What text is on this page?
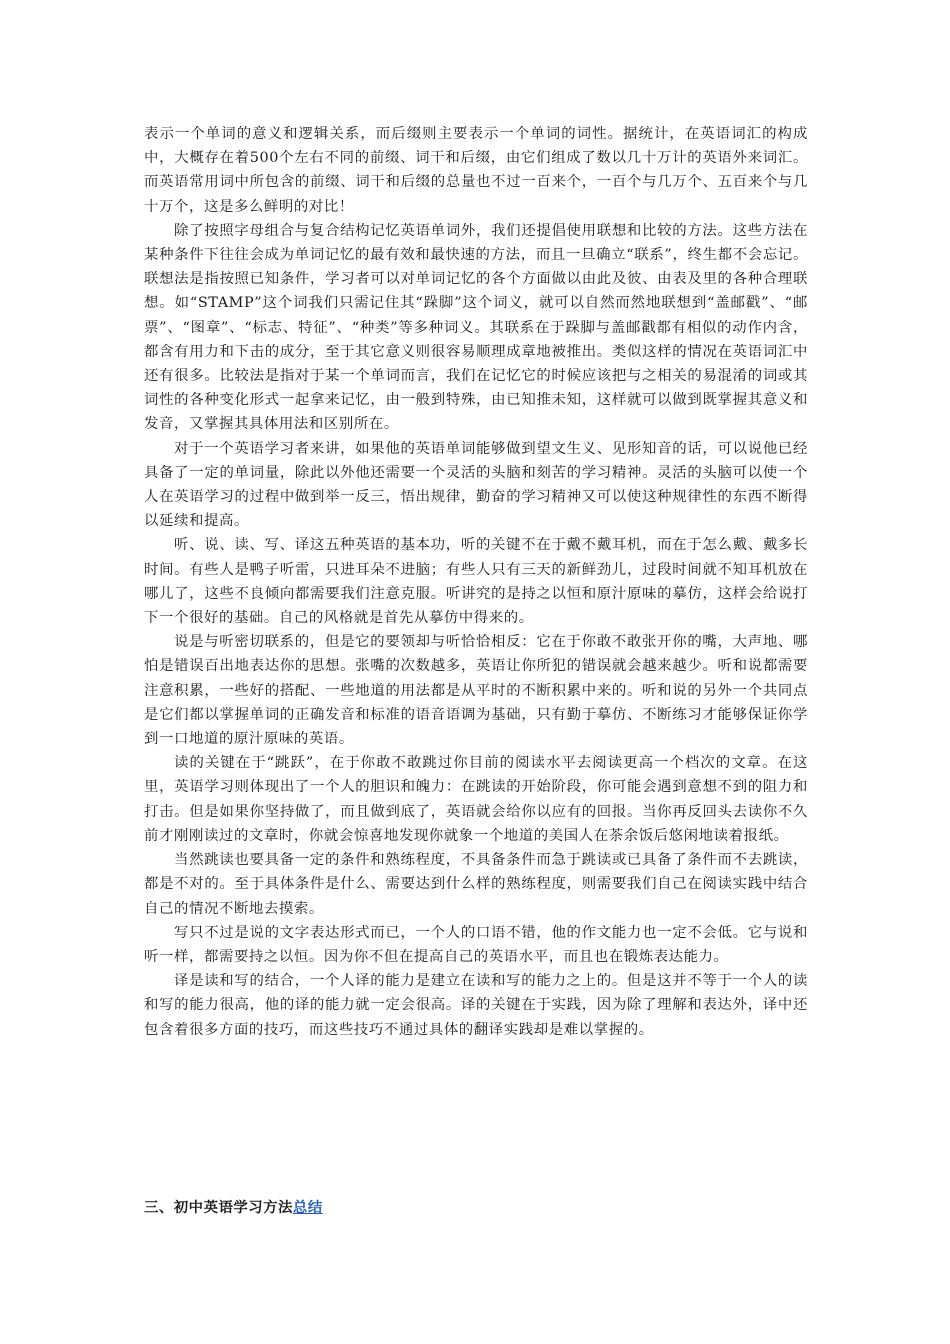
表示一个单词的意义和逻辑关系，而后缀则主要表示一个单词的词性。据统计，在英语词汇的构成中，大概存在着500个左右不同的前缀、词干和后缀，由它们组成了数以几十万计的英语外来词汇。而英语常用词中所包含的前缀、词干和后缀的总量也不过一百来个，一百个与几万个、五百来个与几十万个，这是多么鲜明的对比！

除了按照字母组合与复合结构记忆英语单词外，我们还提倡使用联想和比较的方法。这些方法在某种条件下往往会成为单词记忆的最有效和最快速的方法，而且一旦确立“联系”，终生都不会忘记。联想法是指按照已知条件，学习者可以对单词记忆的各个方面做以由此及彼、由表及里的各种合理联想。如“STAMP”这个词我们只需记住其“跺脚”这个词义，就可以自然而然地联想到“盖邮戳”、“邮票”、“图章”、“标志、特征”、“种类”等多种词义。其联系在于跺脚与盖邮戳都有相似的动作内含，都含有用力和下击的成分，至于其它意义则很容易顺理成章地被推出。类似这样的情况在英语词汇中还有很多。比较法是指对于某一个单词而言，我们在记忆它的时候应该把与之相关的易混淆的词或其词性的各种变化形式一起拿来记忆，由一般到特殊，由已知推未知，这样就可以做到既掌握其意义和发音，又掌握其具体用法和区别所在。

对于一个英语学习者来讲，如果他的英语单词能够做到望文生义、见形知音的话，可以说他已经具备了一定的单词量，除此以外他还需要一个灵活的头脑和刻苦的学习精神。灵活的头脑可以使一个人在英语学习的过程中做到举一反三，悟出规律，勤奋的学习精神又可以使这种规律性的东西不断得以延续和提高。

听、说、读、写、译这五种英语的基本功，听的关键不在于戴不戴耳机，而在于怎么戴、戴多长时间。有些人是鸭子听雷，只进耳朵不进脑；有些人只有三天的新鲜劲儿，过段时间就不知耳机放在哪儿了，这些不良倾向都需要我们注意克服。听讲究的是持之以恒和原汁原味的摹仿，这样会给说打下一个很好的基础。自己的风格就是首先从摹仿中得来的。

说是与听密切联系的，但是它的要领却与听恰恰相反：它在于你敢不敢张开你的嘴，大声地、哪怕是错误百出地表达你的思想。张嘴的次数越多，英语让你所犯的错误就会越来越少。听和说都需要注意积累，一些好的搭配、一些地道的用法都是从平时的不断积累中来的。听和说的另外一个共同点是它们都以掌握单词的正确发音和标准的语音语调为基础，只有勤于摹仿、不断练习才能够保证你学到一口地道的原汁原味的英语。

读的关键在于“跳跃”，在于你敢不敢跳过你目前的阅读水平去阅读更高一个档次的文章。在这里，英语学习则体现出了一个人的胆识和魄力：在跳读的开始阶段，你可能会遇到意想不到的阻力和打击。但是如果你坚持做了，而且做到底了，英语就会给你以应有的回报。当你再反回头去读你不久前才刚刚读过的文章时，你就会惊喜地发现你就象一个地道的美国人在茶余饭后悠闲地读着报纸。

当然跳读也要具备一定的条件和熟练程度，不具备条件而急于跳读或已具备了条件而不去跳读，都是不对的。至于具体条件是什么、需要达到什么样的熟练程度，则需要我们自己在阅读实践中结合自己的情况不断地去摸索。

写只不过是说的文字表达形式而已，一个人的口语不错，他的作文能力也一定不会低。它与说和听一样，都需要持之以恒。因为你不但在提高自己的英语水平，而且也在锻炼表达能力。

译是读和写的结合，一个人译的能力是建立在读和写的能力之上的。但是这并不等于一个人的读和写的能力很高，他的译的能力就一定会很高。译的关键在于实践，因为除了理解和表达外，译中还包含着很多方面的技巧，而这些技巧不通过具体的翻译实践却是难以掌握的。

三、初中英语学习方法总结
